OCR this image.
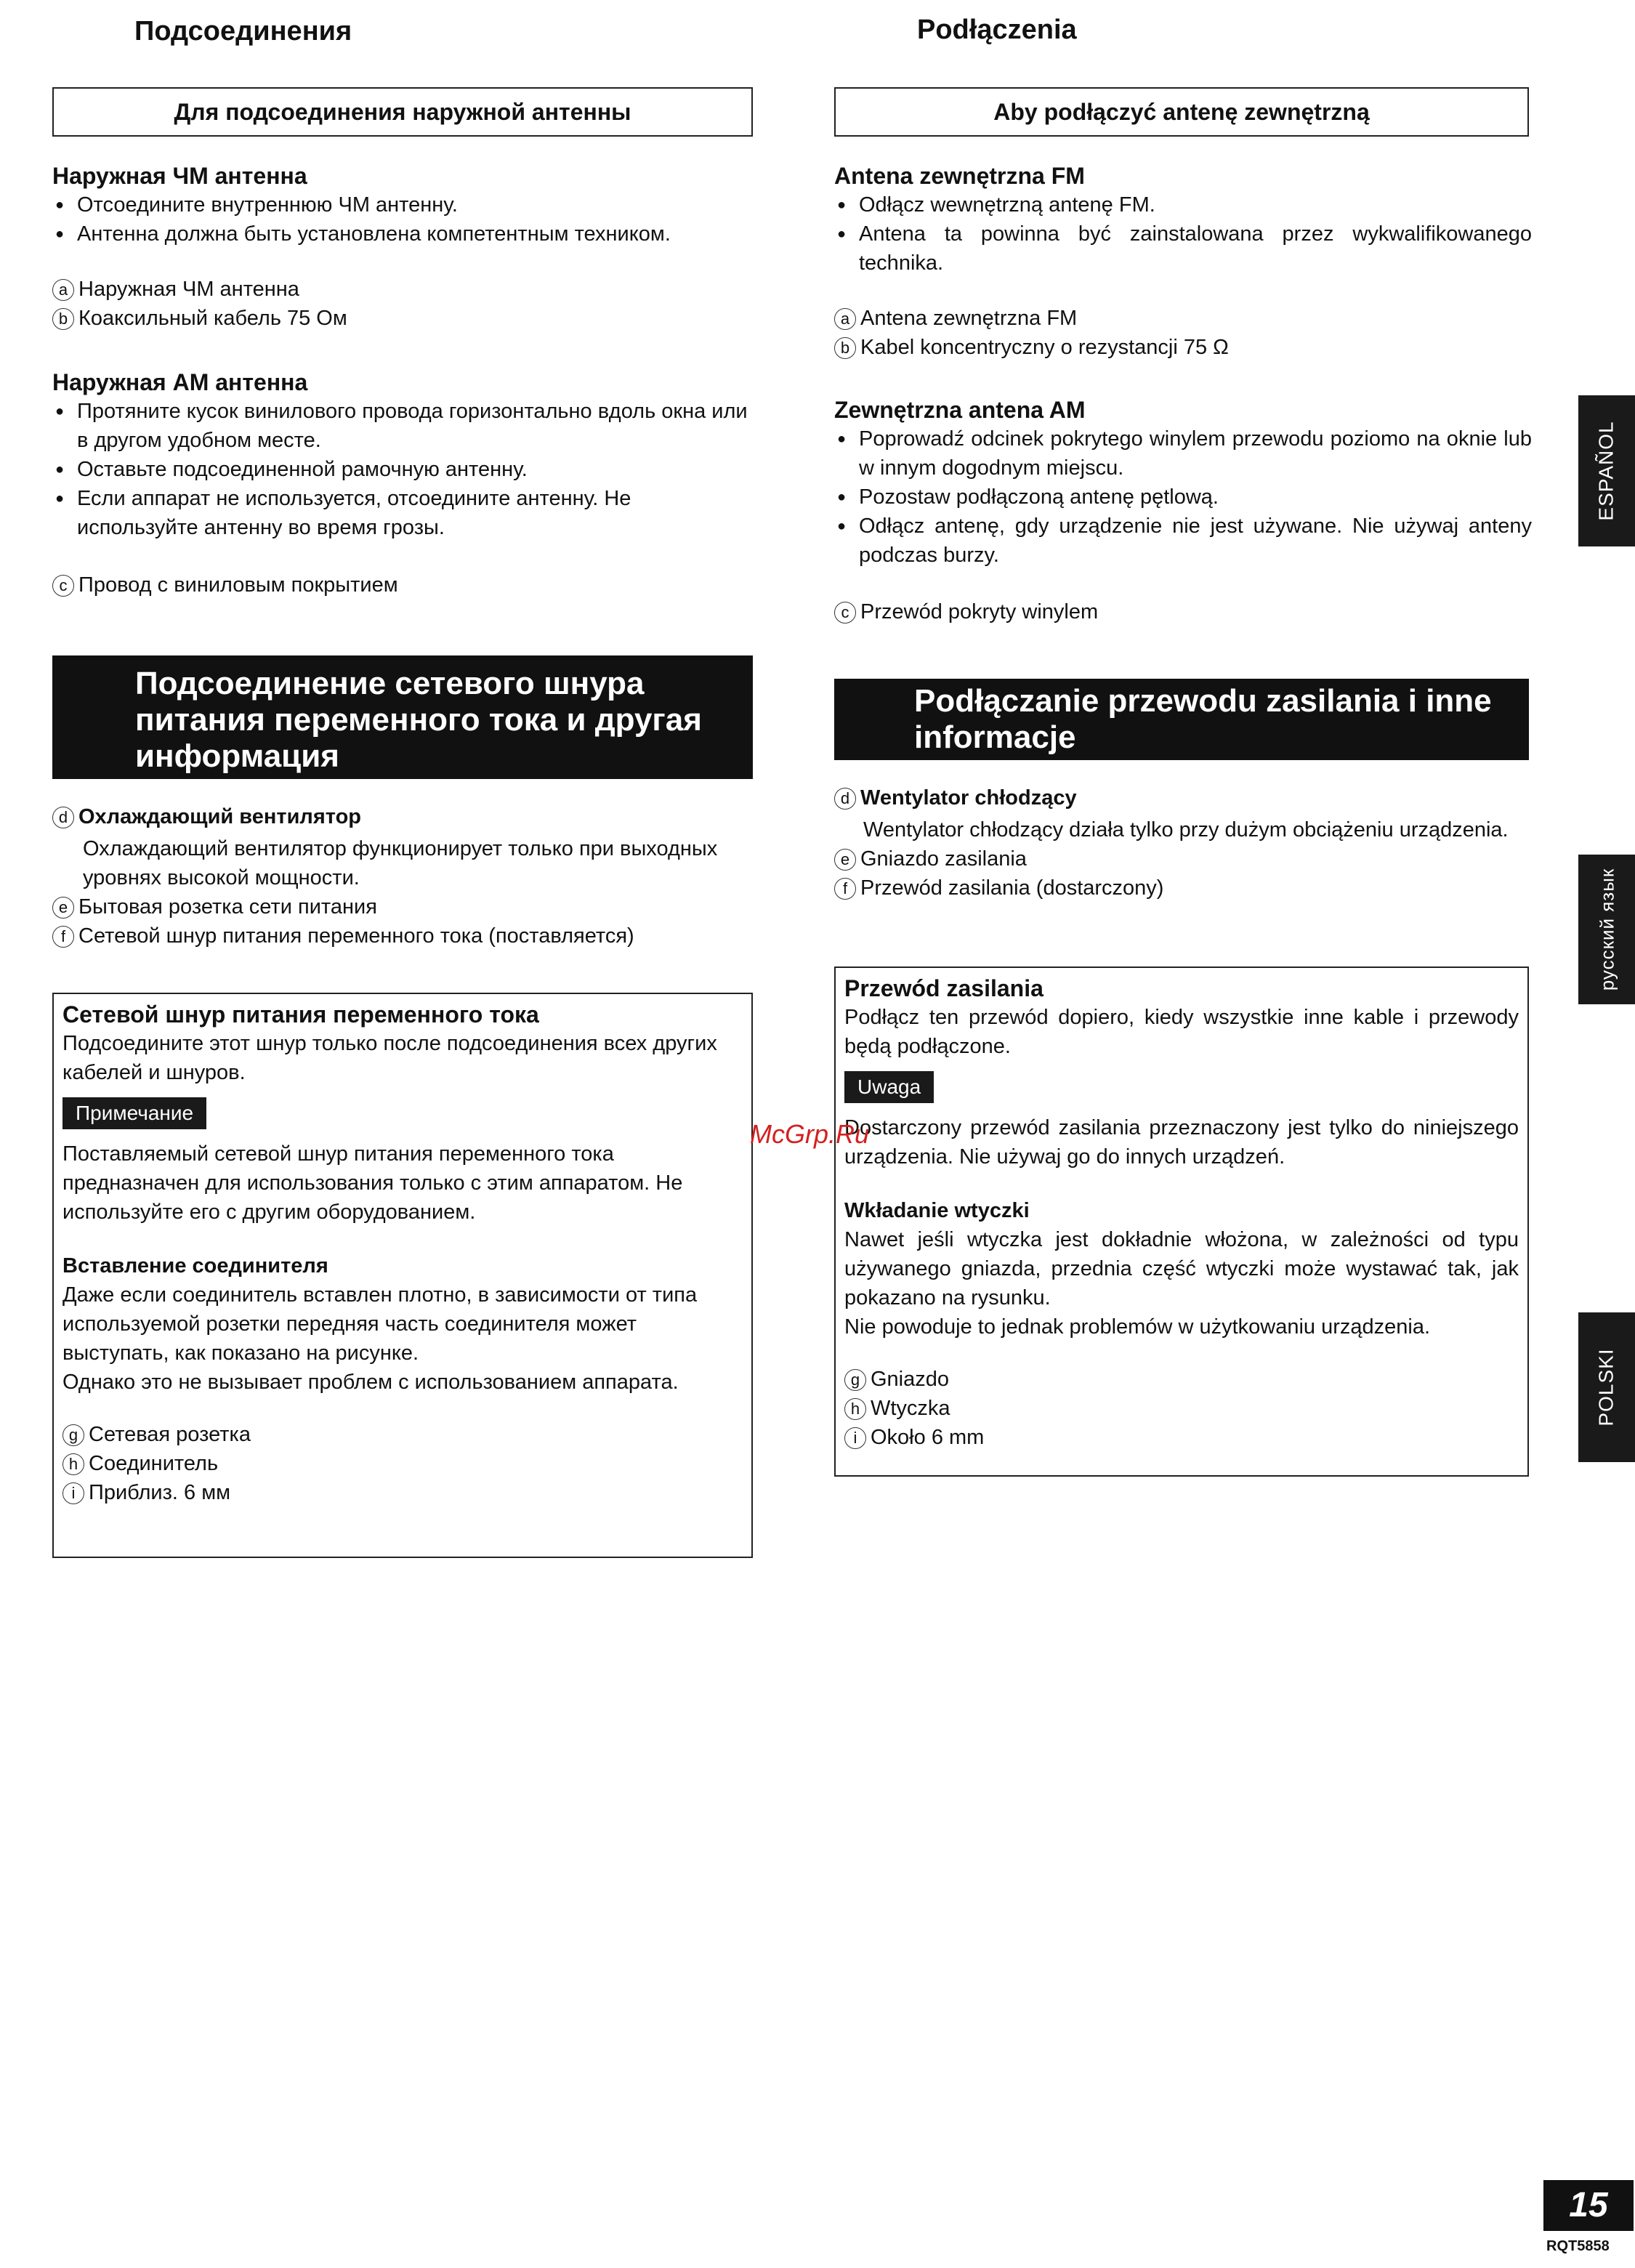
Подсоединения
Для подсоединения наружной антенны

Наружная ЧМ антенна

● Отсоедините внутреннюю ЧМ антенну.

● Антенна должна быть установлена компетентным техником.

a Наружная ЧМ антенна

b Коаксильный кабель 75 Ом

Наружная АМ антенна

● Протяните кусок винилового провода горизонтально вдоль окна или в другом удобном месте.

● Оставьте подсоединенной рамочную антенну.

● Если аппарат не используется, отсоедините антенну. Не используйте антенну во время грозы.

c Провод с виниловым покрытием

Подсоединение сетевого шнура питания переменного тока и другая информация

d Охлаждающий вентилятор

Охлаждающий вентилятор функционирует только при выходных уровнях высокой мощности.

e Бытовая розетка сети питания

f Сетевой шнур питания переменного тока (поставляется)

Сетевой шнур питания переменного тока

Подсоедините этот шнур только после подсоединения всех других кабелей и шнуров.

Примечание

Поставляемый сетевой шнур питания переменного тока предназначен для использования только с этим аппаратом. Не используйте его с другим оборудованием.

Вставление соединителя

Даже если соединитель вставлен плотно, в зависимости от типа используемой розетки передняя часть соединителя может выступать, как показано на рисунке.

Однако это не вызывает проблем с использованием аппарата.

g Сетевая розетка

h Соединитель

i Приблиз. 6 мм

Podłączenia
Aby podłączyć antenę zewnętrzną

Antena zewnętrzna FM

● Odłącz wewnętrzną antenę FM.

● Antena ta powinna być zainstalowana przez wykwalifikowanego technika.

a Antena zewnętrzna FM

b Kabel koncentryczny o rezystancji 75 Ω

Zewnętrzna antena AM

● Poprowadź odcinek pokrytego winylem przewodu poziomo na oknie lub w innym dogodnym miejscu.

● Pozostaw podłączoną antenę pętlową.

● Odłącz antenę, gdy urządzenie nie jest używane. Nie używaj anteny podczas burzy.

c Przewód pokryty winylem

Podłączanie przewodu zasilania i inne informacje

d Wentylator chłodzący

Wentylator chłodzący działa tylko przy dużym obciążeniu urządzenia.

e Gniazdo zasilania

f Przewód zasilania (dostarczony)

Przewód zasilania

Podłącz ten przewód dopiero, kiedy wszystkie inne kable i przewody będą podłączone.

Uwaga

Dostarczony przewód zasilania przeznaczony jest tylko do niniejszego urządzenia. Nie używaj go do innych urządzeń.

Wkładanie wtyczki

Nawet jeśli wtyczka jest dokładnie włożona, w zależności od typu używanego gniazda, przednia część wtyczki może wystawać tak, jak pokazano na rysunku.

Nie powoduje to jednak problemów w użytkowaniu urządzenia.

g Gniazdo

h Wtyczka

i Około 6 mm

McGrp.Ru
ESPAÑOL
русский язык
POLSKI
15
RQT5858
